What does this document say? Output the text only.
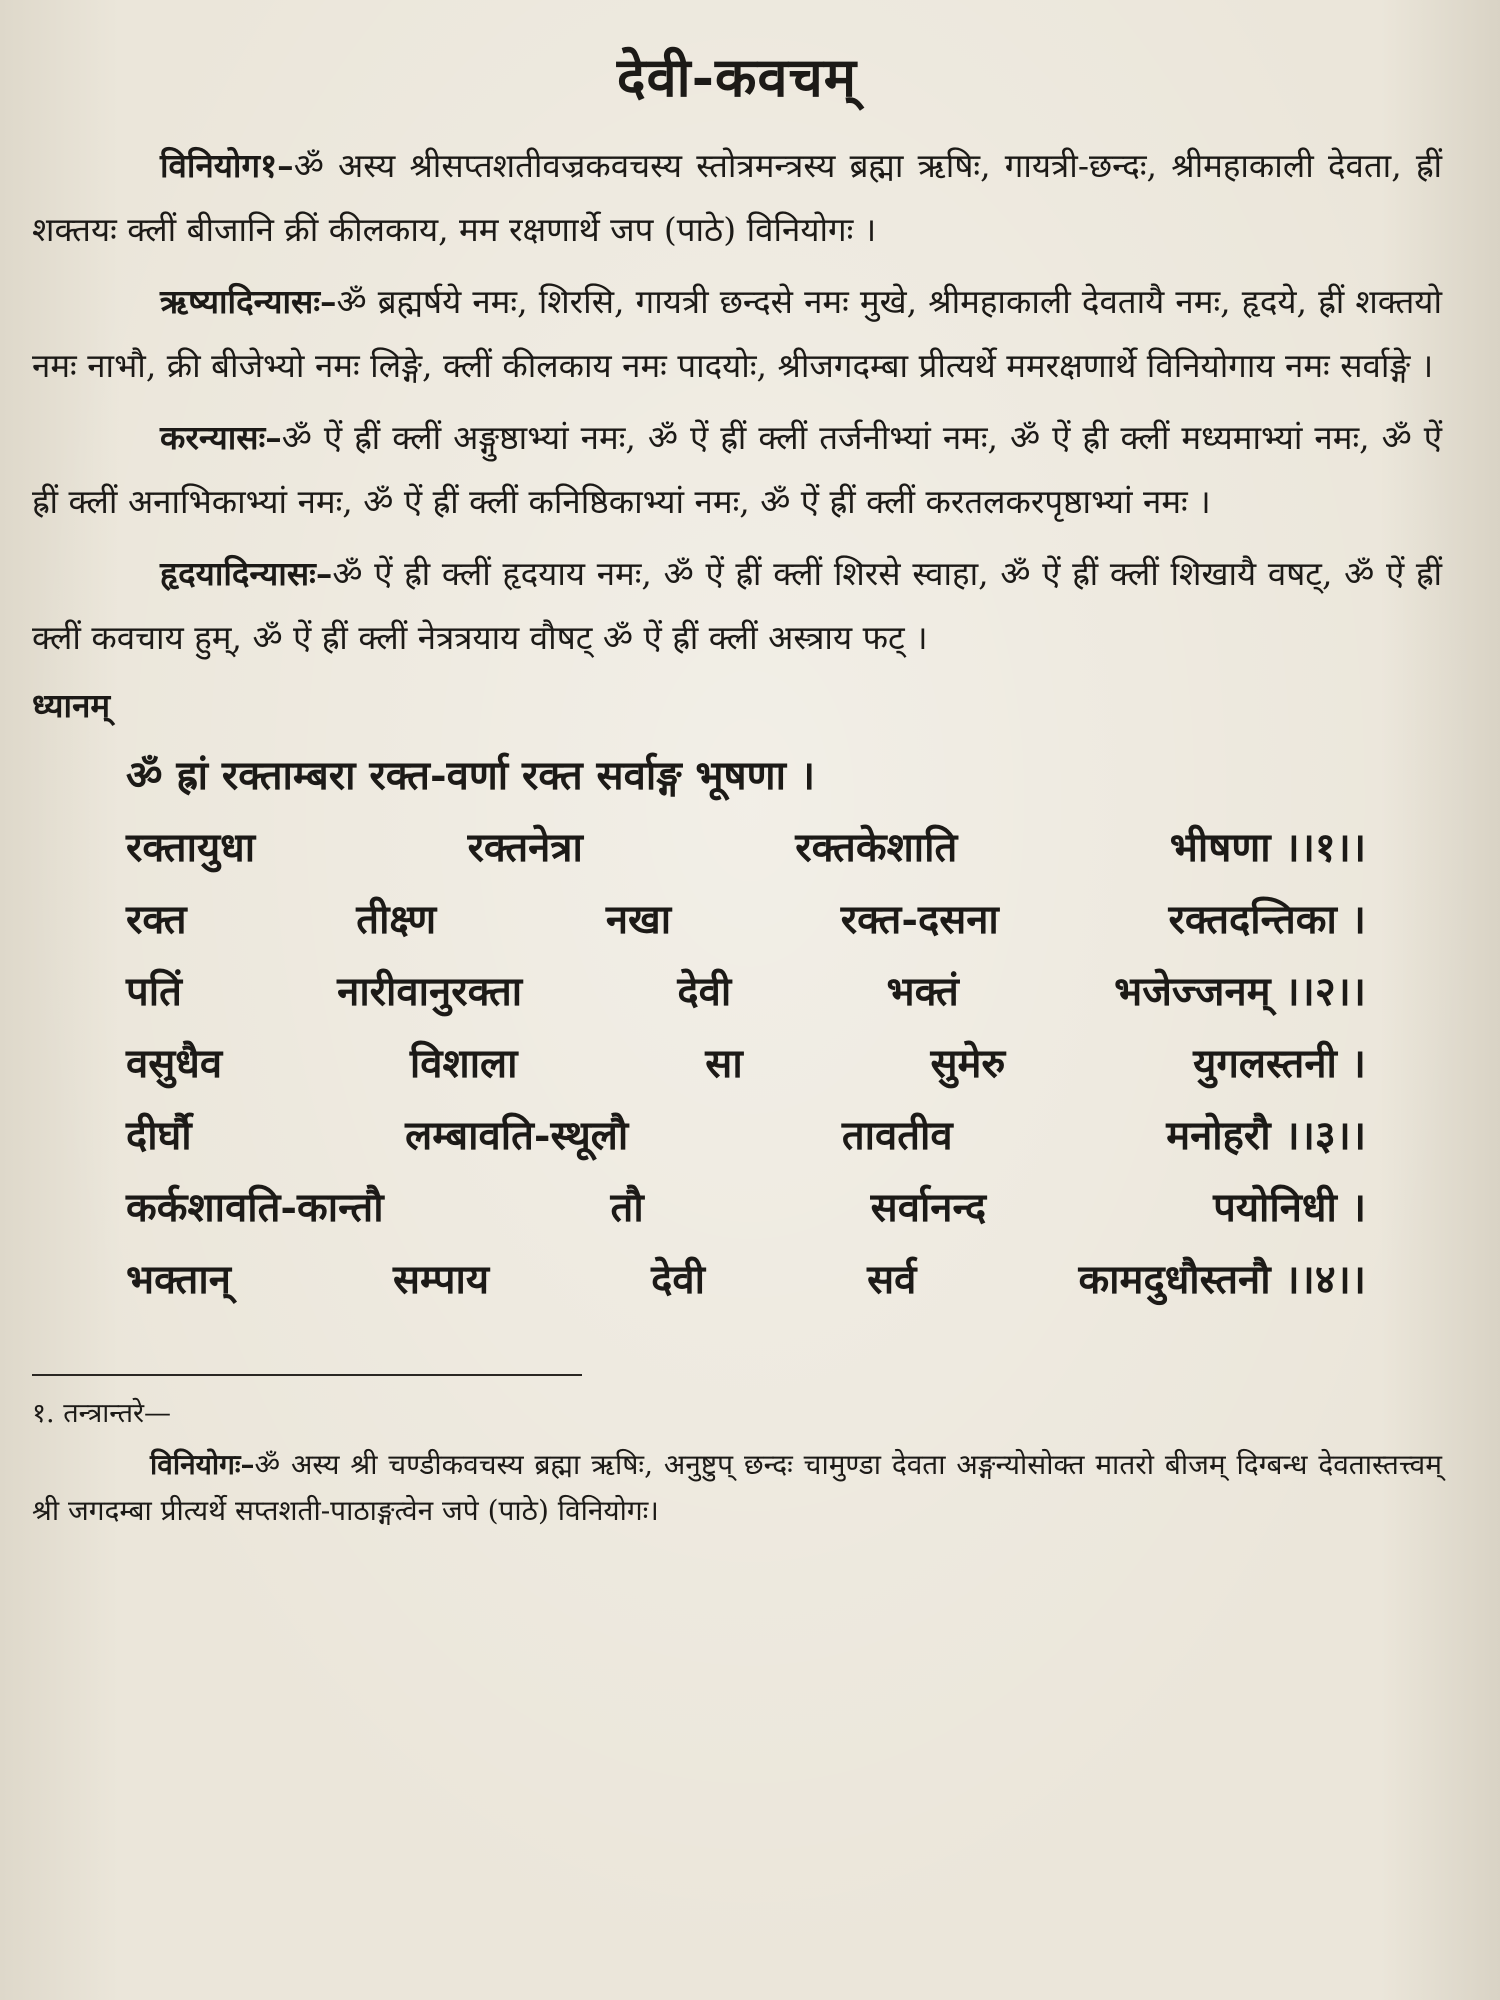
देवी-कवचम्

विनियोग१–ॐ अस्य श्रीसप्तशतीवज्रकवचस्य स्तोत्रमन्त्रस्य ब्रह्मा ऋषिः, गायत्री-छन्दः, श्रीमहाकाली देवता, ह्रीं शक्तयः क्लीं बीजानि क्रीं कीलकाय, मम रक्षणार्थे जप (पाठे) विनियोगः ।

ऋष्यादिन्यासः–ॐ ब्रह्मर्षये नमः, शिरसि, गायत्री छन्दसे नमः मुखे, श्रीमहाकाली देवतायै नमः, हृदये, ह्रीं शक्तयो नमः नाभौ, क्री बीजेभ्यो नमः लिङ्गे, क्लीं कीलकाय नमः पादयोः, श्रीजगदम्बा प्रीत्यर्थे ममरक्षणार्थे विनियोगाय नमः सर्वाङ्गे ।

करन्यासः–ॐ ऐं ह्रीं क्लीं अङ्गुष्ठाभ्यां नमः, ॐ ऐं ह्रीं क्लीं तर्जनीभ्यां नमः, ॐ ऐं ह्री क्लीं मध्यमाभ्यां नमः, ॐ ऐं ह्रीं क्लीं अनाभिकाभ्यां नमः, ॐ ऐं ह्रीं क्लीं कनिष्ठिकाभ्यां नमः, ॐ ऐं ह्रीं क्लीं करतलकरपृष्ठाभ्यां नमः ।

हृदयादिन्यासः–ॐ ऐं ह्री क्लीं हृदयाय नमः, ॐ ऐं ह्रीं क्लीं शिरसे स्वाहा, ॐ ऐं ह्रीं क्लीं शिखायै वषट्, ॐ ऐं ह्रीं क्लीं कवचाय हुम्, ॐ ऐं ह्रीं क्लीं नेत्रत्रयाय वौषट् ॐ ऐं ह्रीं क्लीं अस्त्राय फट् ।

ध्यानम्
ॐ ह्रां रक्ताम्बरा रक्त-वर्णा रक्त सर्वाङ्ग भूषणा ।
रक्तायुधा	रक्तनेत्रा	रक्तकेशाति	भीषणा ।।१।।
रक्त	तीक्ष्ण	नखा	रक्त-दसना	रक्तदन्तिका ।
पतिं	नारीवानुरक्ता	देवी	भक्तं	भजेज्जनम् ।।२।।
वसुधैव	विशाला	सा	सुमेरु	युगलस्तनी ।
दीर्घौ	लम्बावति-स्थूलौ	तावतीव	मनोहरौ ।।३।।
कर्कशावति-कान्तौ	तौ	सर्वानन्द	पयोनिधी ।
भक्तान्	सम्पाय	देवी	सर्व	कामदुधौस्तनौ ।।४।।

१. तन्त्रान्तरे—

विनियोगः–ॐ अस्य श्री चण्डीकवचस्य ब्रह्मा ऋषिः, अनुष्टुप् छन्दः चामुण्डा देवता अङ्गन्योसोक्त मातरो बीजम् दिग्बन्ध देवतास्तत्त्वम् श्री जगदम्बा प्रीत्यर्थे सप्तशती-पाठाङ्गत्वेन जपे (पाठे) विनियोगः।
